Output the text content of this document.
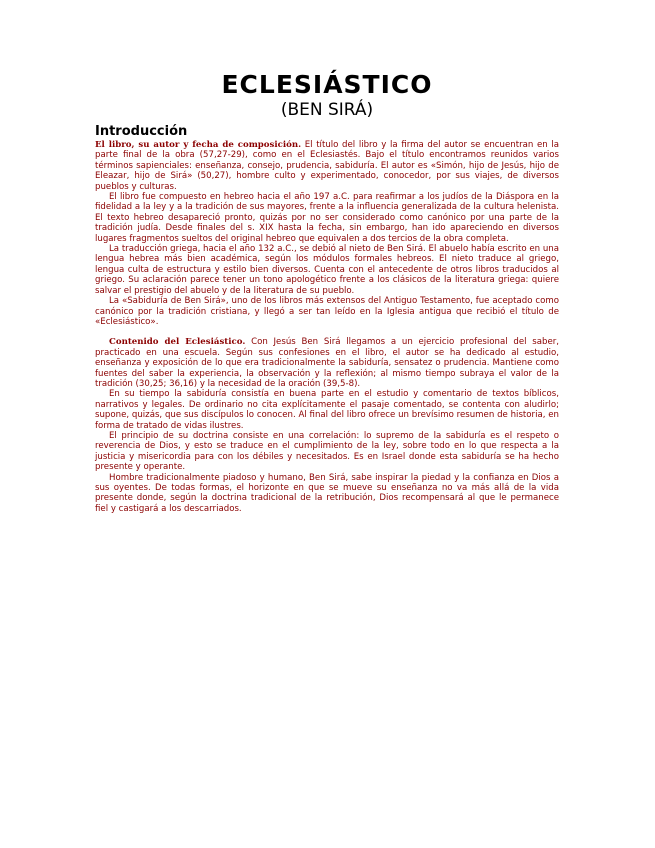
ECLESIÁSTICO
(BEN SIRÁ)
Introducción

El libro, su autor y fecha de composición. El título del libro y la firma del autor se encuentran en la parte final de la obra (57,27-29), como en el Eclesiastés. Bajo el título encontramos reunidos varios términos sapienciales: enseñanza, consejo, prudencia, sabiduría. El autor es «Simón, hijo de Jesús, hijo de Eleazar, hijo de Sirá» (50,27), hombre culto y experimentado, conocedor, por sus viajes, de diversos pueblos y culturas.

El libro fue compuesto en hebreo hacia el año 197 a.C. para reafirmar a los judíos de la Diáspora en la fidelidad a la ley y a la tradición de sus mayores, frente a la influencia generalizada de la cultura helenista. El texto hebreo desapareció pronto, quizás por no ser considerado como canónico por una parte de la tradición judía. Desde finales del s. XIX hasta la fecha, sin embargo, han ido apareciendo en diversos lugares fragmentos sueltos del original hebreo que equivalen a dos tercios de la obra completa.

La traducción griega, hacia el año 132 a.C., se debió al nieto de Ben Sirá. El abuelo había escrito en una lengua hebrea más bien académica, según los módulos formales hebreos. El nieto traduce al griego, lengua culta de estructura y estilo bien diversos. Cuenta con el antecedente de otros libros traducidos al griego. Su aclaración parece tener un tono apologético frente a los clásicos de la literatura griega: quiere salvar el prestigio del abuelo y de la literatura de su pueblo.

La «Sabiduría de Ben Sirá», uno de los libros más extensos del Antiguo Testamento, fue aceptado como canónico por la tradición cristiana, y llegó a ser tan leído en la Iglesia antigua que recibió el título de «Eclesiástico».

Contenido del Eclesiástico. Con Jesús Ben Sirá llegamos a un ejercicio profesional del saber, practicado en una escuela. Según sus confesiones en el libro, el autor se ha dedicado al estudio, enseñanza y exposición de lo que era tradicionalmente la sabiduría, sensatez o prudencia. Mantiene como fuentes del saber la experiencia, la observación y la reflexión; al mismo tiempo subraya el valor de la tradición (30,25; 36,16) y la necesidad de la oración (39,5-8).

En su tiempo la sabiduría consistía en buena parte en el estudio y comentario de textos bíblicos, narrativos y legales. De ordinario no cita explícitamente el pasaje comentado, se contenta con aludirlo; supone, quizás, que sus discípulos lo conocen. Al final del libro ofrece un brevísimo resumen de historia, en forma de tratado de vidas ilustres.

El principio de su doctrina consiste en una correlación: lo supremo de la sabiduría es el respeto o reverencia de Dios, y esto se traduce en el cumplimiento de la ley, sobre todo en lo que respecta a la justicia y misericordia para con los débiles y necesitados. Es en Israel donde esta sabiduría se ha hecho presente y operante.

Hombre tradicionalmente piadoso y humano, Ben Sirá, sabe inspirar la piedad y la confianza en Dios a sus oyentes. De todas formas, el horizonte en que se mueve su enseñanza no va más allá de la vida presente donde, según la doctrina tradicional de la retribución, Dios recompensará al que le permanece fiel y castigará a los descarriados.
